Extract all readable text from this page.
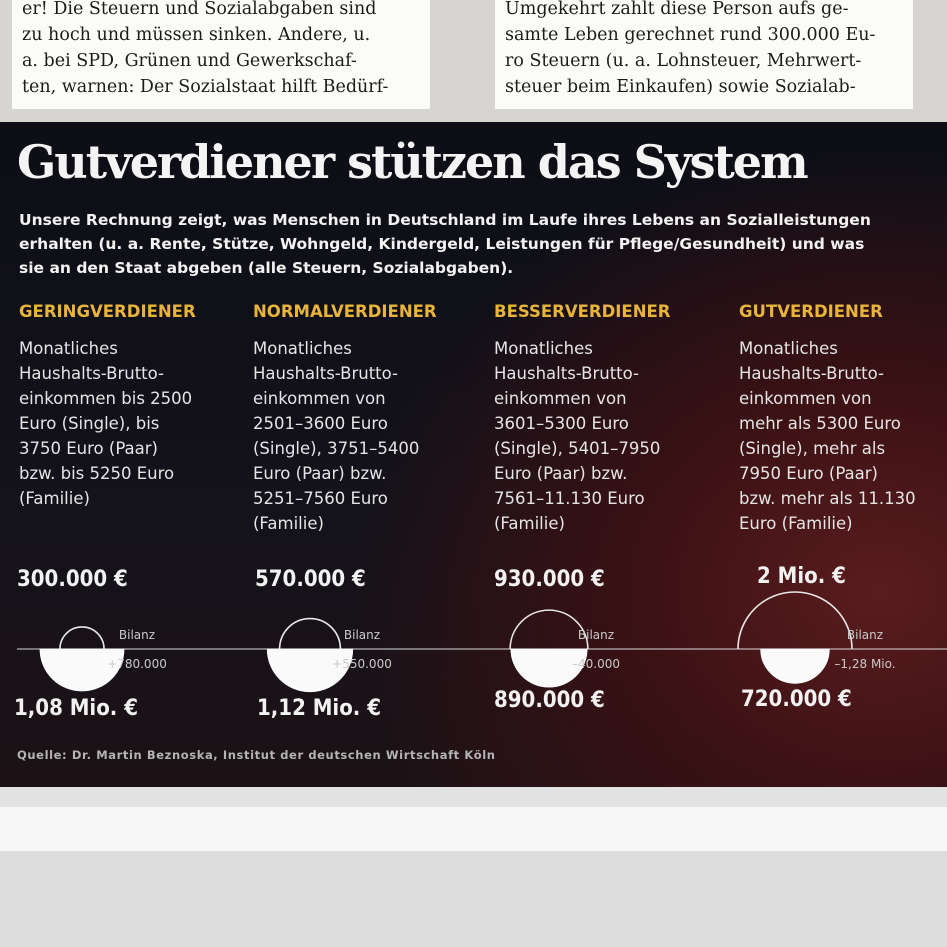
er! Die Steuern und Sozialabgaben sind
zu hoch und müssen sinken. Andere, u.
a. bei SPD, Grünen und Gewerkschaf-
ten, warnen: Der Sozialstaat hilft Bedürf-

Umgekehrt zahlt diese Person aufs ge-
samte Leben gerechnet rund 300.000 Eu-
ro Steuern (u. a. Lohnsteuer, Mehrwert-
steuer beim Einkaufen) sowie Sozialab-

Gutverdiener stützen das System
Unsere Rechnung zeigt, was Menschen in Deutschland im Laufe ihres Lebens an Sozialleistungen
erhalten (u. a. Rente, Stütze, Wohngeld, Kindergeld, Leistungen für Pflege/Gesundheit) und was
sie an den Staat abgeben (alle Steuern, Sozialabgaben).
GERINGVERDIENER	NORMALVERDIENER	BESSERVERDIENER	GUTVERDIENER
Monatliches
Haushalts-Brutto-
einkommen bis 2500
Euro (Single), bis
3750 Euro (Paar)
bzw. bis 5250 Euro
(Familie)
Monatliches
Haushalts-Brutto-
einkommen von
2501–3600 Euro
(Single), 3751–5400
Euro (Paar) bzw.
5251–7560 Euro
(Familie)
Monatliches
Haushalts-Brutto-
einkommen von
3601–5300 Euro
(Single), 5401–7950
Euro (Paar) bzw.
7561–11.130 Euro
(Familie)
Monatliches
Haushalts-Brutto-
einkommen von
mehr als 5300 Euro
(Single), mehr als
7950 Euro (Paar)
bzw. mehr als 11.130
Euro (Familie)
300.000 €	570.000 €	930.000 €	2 Mio. €
1,08 Mio. €	1,12 Mio. €	890.000 €	720.000 €
Bilanz
+780.000
Bilanz
+550.000
Bilanz
–40.000
Bilanz
–1,28 Mio.
Quelle: Dr. Martin Beznoska, Institut der deutschen Wirtschaft Köln
